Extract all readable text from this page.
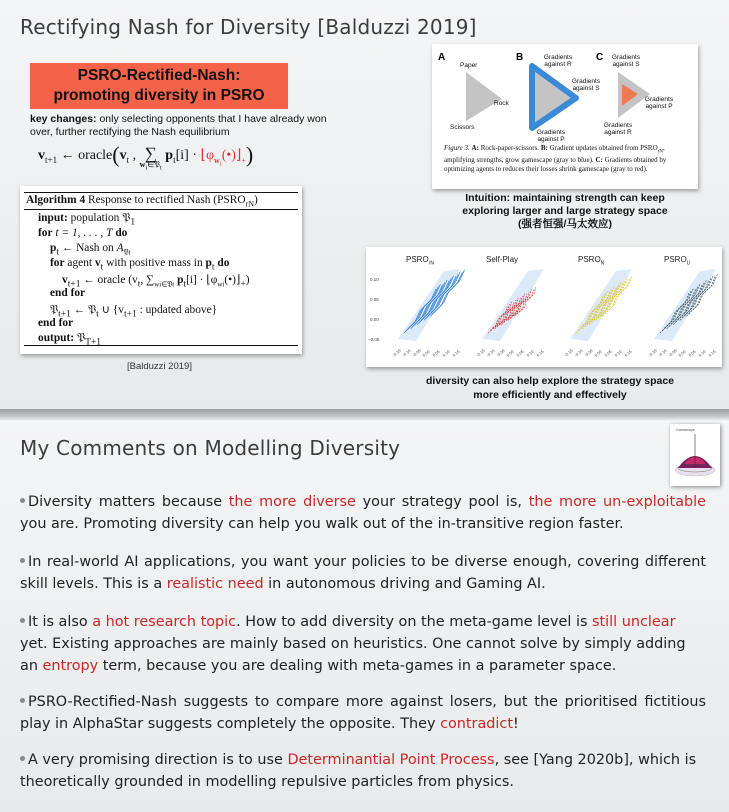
Rectifying Nash for Diversity [Balduzzi 2019]
PSRO-Rectified-Nash:
promoting diversity in PSRO
key changes: only selecting opponents that I have already won over, further rectifying the Nash equilibrium
$v_{t+1}$ ← $oracle(v_t$ , ∑
$w_i\in 𝔓_t$ $p_t[i]$ · $⌊\varphi_{w_i}(•)⌋_+$)
Algorithm 4 Response to rectified Nash $(PSRO_{rN})$
input: population 𝔓$_1$
for t = 1, . . . , T do
$p_t$ ← Nash on $A_{𝔓t}$
for agent $v_t$ with positive mass in $p_t$ do
$v_{t+1}$ ← oracle ($v_t$, $\sum_{wi\in 𝔓t}$ $p_t[i]$ · $⌊\varphi_{wi}(•)⌋_+$)
end for
𝔓$_{t+1}$ ← 𝔓$_t$ ∪ {$v_{t+1}$ : updated above}
end for
output: 𝔓$_{T+1}$
[Balduzzi 2019]
A	B	C
Paper
Rock
Scissors
Gradients against R
Gradients against S
Gradients against P
Gradients against S
Gradients against P
Gradients against R
Figure 3. A: Rock-paper-scissors. B: Gradient updates obtained from $PSRO_{rN}$, amplifying strengths, grow gamescape (gray to blue). C: Gradients obtained by optimizing agents to reduces their losses shrink gamescape (gray to red).
Intuition: maintaining strength can keep
exploring larger and large strategy space
(强者恒强/马太效应)
$PSRO_{rN}$	Self-Play	$PSRO_N$	$PSRO_U$
0.10
0.05
0.00
−0.05
-0.15 -0.10 -0.05 0.00 0.05 0.10 0.15	-0.15 -0.10 -0.05 0.00 0.05 0.10 0.15	-0.15 -0.10 -0.05 0.00 0.05 0.10 0.15	-0.15 -0.10 -0.05 0.00 0.05 0.10 0.15
diversity can also help explore the strategy space
more efficiently and effectively
My Comments on Modelling Diversity
Gamescape
Diversity matters because the more diverse your strategy pool is, the more un-exploitable you are. Promoting diversity can help you walk out of the in-transitive region faster.
In real-world AI applications, you want your policies to be diverse enough, covering different skill levels. This is a realistic need in autonomous driving and Gaming AI.
It is also a hot research topic. How to add diversity on the meta-game level is still unclear yet. Existing approaches are mainly based on heuristics. One cannot solve by simply adding an entropy term, because you are dealing with meta-games in a parameter space.
PSRO-Rectified-Nash suggests to compare more against losers, but the prioritised fictitious play in AlphaStar suggests completely the opposite. They contradict!
A very promising direction is to use Determinantial Point Process, see [Yang 2020b], which is theoretically grounded in modelling repulsive particles from physics.
